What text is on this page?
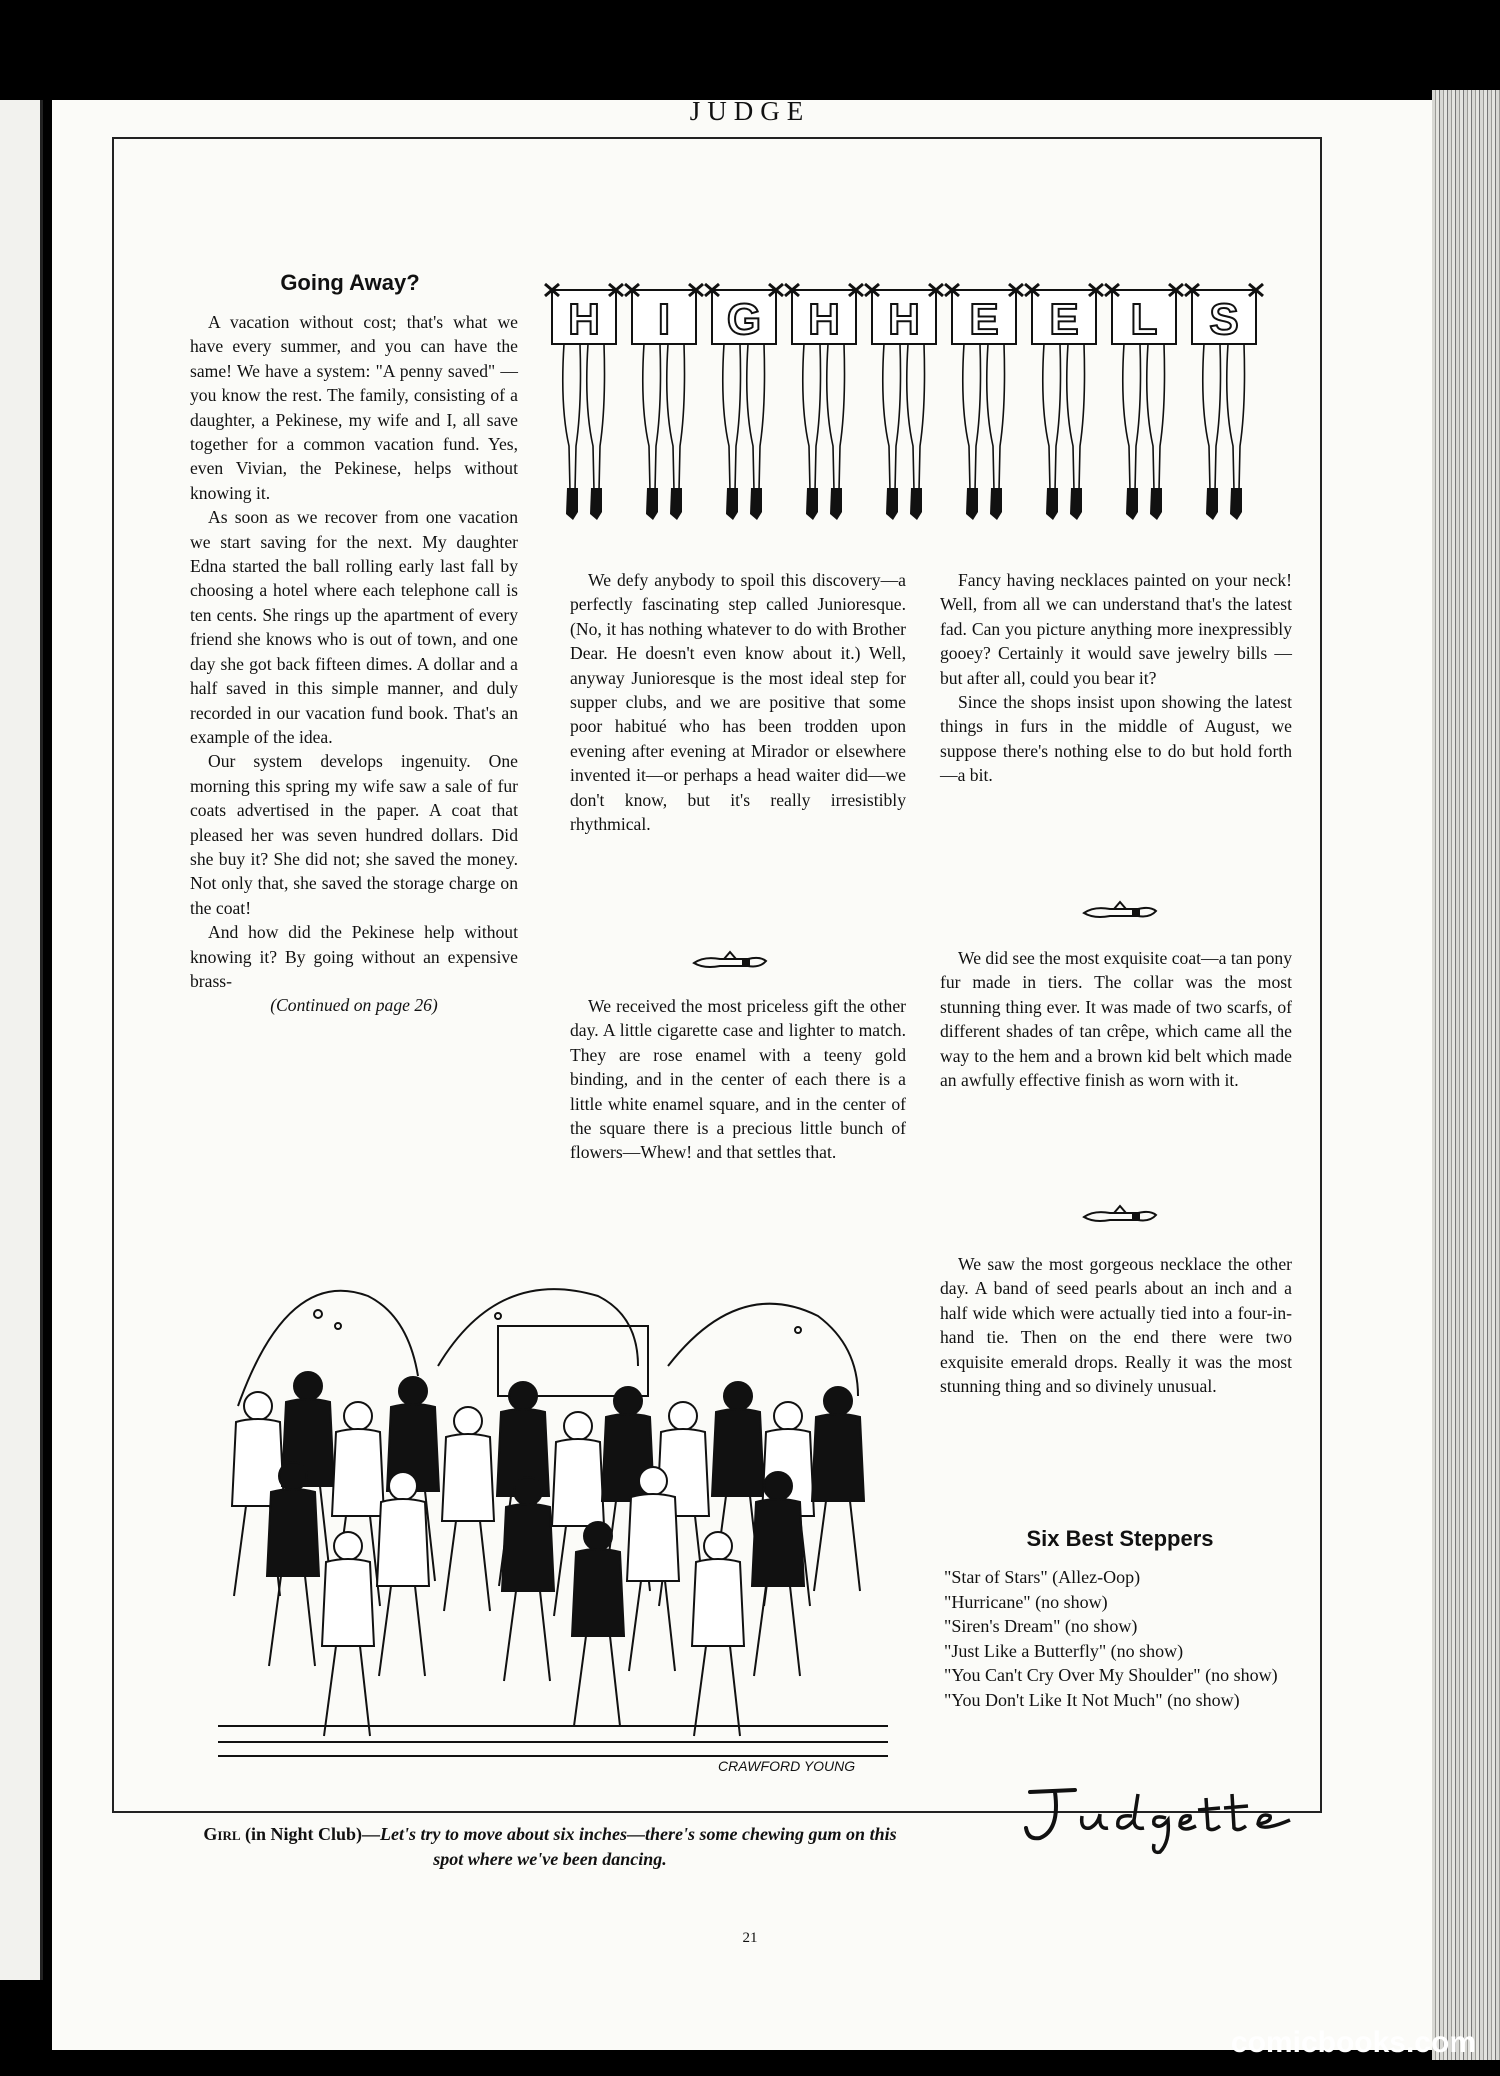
JUDGE
H I G H H E E L S
Going Away?

A vacation without cost; that's what we have every summer, and you can have the same! We have a system: "A penny saved" —you know the rest. The family, consisting of a daughter, a Pekinese, my wife and I, all save together for a common vacation fund. Yes, even Vivian, the Pekinese, helps without knowing it.

As soon as we recover from one vacation we start saving for the next. My daughter Edna started the ball rolling early last fall by choosing a hotel where each telephone call is ten cents. She rings up the apartment of every friend she knows who is out of town, and one day she got back fifteen dimes. A dollar and a half saved in this simple manner, and duly recorded in our vacation fund book. That's an example of the idea.

Our system develops ingenuity. One morning this spring my wife saw a sale of fur coats advertised in the paper. A coat that pleased her was seven hundred dollars. Did she buy it? She did not; she saved the money. Not only that, she saved the storage charge on the coat!

And how did the Pekinese help without knowing it? By going without an expensive brass-

(Continued on page 26)

We defy anybody to spoil this discovery—a perfectly fascinating step called Junioresque. (No, it has nothing whatever to do with Brother Dear. He doesn't even know about it.) Well, anyway Junioresque is the most ideal step for supper clubs, and we are positive that some poor habitué who has been trodden upon evening after evening at Mirador or elsewhere invented it—or perhaps a head waiter did—we don't know, but it's really irresistibly rhythmical.

We received the most priceless gift the other day. A little cigarette case and lighter to match. They are rose enamel with a teeny gold binding, and in the center of each there is a little white enamel square, and in the center of the square there is a precious little bunch of flowers—Whew! and that settles that.

Fancy having necklaces painted on your neck! Well, from all we can understand that's the latest fad. Can you picture anything more inexpressibly gooey? Certainly it would save jewelry bills —but after all, could you bear it?

Since the shops insist upon showing the latest things in furs in the middle of August, we suppose there's nothing else to do but hold forth—a bit.

We did see the most exquisite coat—a tan pony fur made in tiers. The collar was the most stunning thing ever. It was made of two scarfs, of different shades of tan crêpe, which came all the way to the hem and a brown kid belt which made an awfully effective finish as worn with it.

We saw the most gorgeous necklace the other day. A band of seed pearls about an inch and a half wide which were actually tied into a four-in-hand tie. Then on the end there were two exquisite emerald drops. Really it was the most stunning thing and so divinely unusual.

Six Best Steppers
"Star of Stars" (Allez-Oop)
"Hurricane" (no show)
"Siren's Dream" (no show)
"Just Like a Butterfly" (no show)
"You Can't Cry Over My Shoulder" (no show)
"You Don't Like It Not Much" (no show)
CRAWFORD YOUNG
Girl (in Night Club)—Let's try to move about six inches—there's some chewing gum on this spot where we've been dancing.
21
comicbooks.com
